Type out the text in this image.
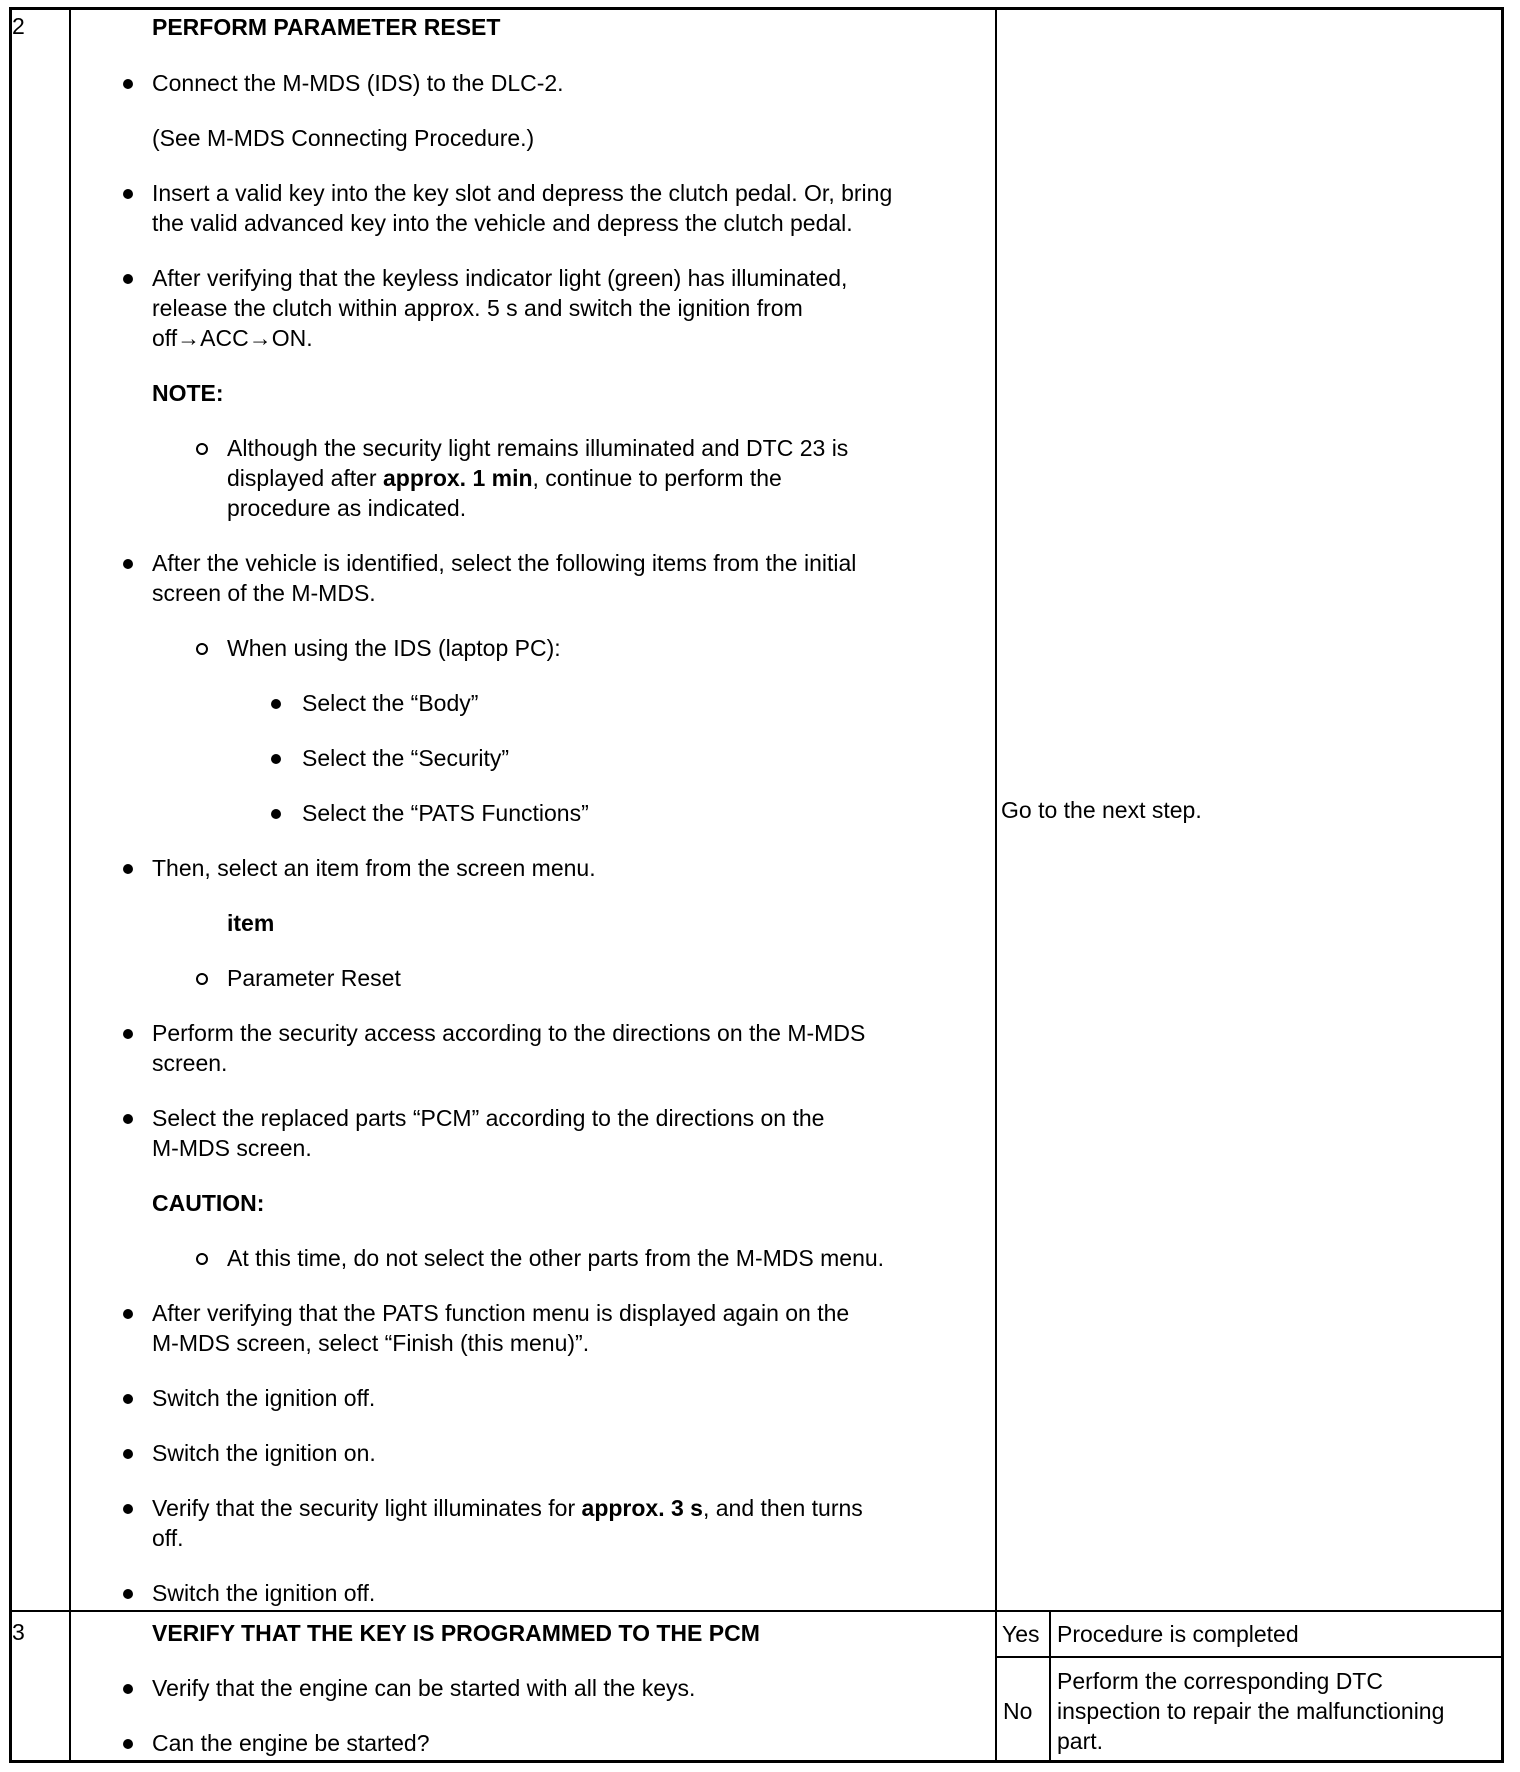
2	PERFORM PARAMETER RESET
Connect the M-MDS (IDS) to the DLC-2.
(See M-MDS Connecting Procedure.)
Insert a valid key into the key slot and depress the clutch pedal. Or, bring
the valid advanced key into the vehicle and depress the clutch pedal.
After verifying that the keyless indicator light (green) has illuminated,
release the clutch within approx. 5 s and switch the ignition from
off→ACC→ON.
NOTE:
Although the security light remains illuminated and DTC 23 is
displayed after approx. 1 min, continue to perform the
procedure as indicated.
After the vehicle is identified, select the following items from the initial
screen of the M-MDS.
When using the IDS (laptop PC):
Select the “Body”
Select the “Security”
Select the “PATS Functions”
Then, select an item from the screen menu.
item
Parameter Reset
Perform the security access according to the directions on the M-MDS
screen.
Select the replaced parts “PCM” according to the directions on the
M-MDS screen.
CAUTION:
At this time, do not select the other parts from the M-MDS menu.
After verifying that the PATS function menu is displayed again on the
M-MDS screen, select “Finish (this menu)”.
Switch the ignition off.
Switch the ignition on.
Verify that the security light illuminates for approx. 3 s, and then turns
off.
Switch the ignition off.
Go to the next step.
3	VERIFY THAT THE KEY IS PROGRAMMED TO THE PCM
Verify that the engine can be started with all the keys.
Can the engine be started?
Yes Procedure is completed
No
Perform the corresponding DTC
inspection to repair the malfunctioning
part.
